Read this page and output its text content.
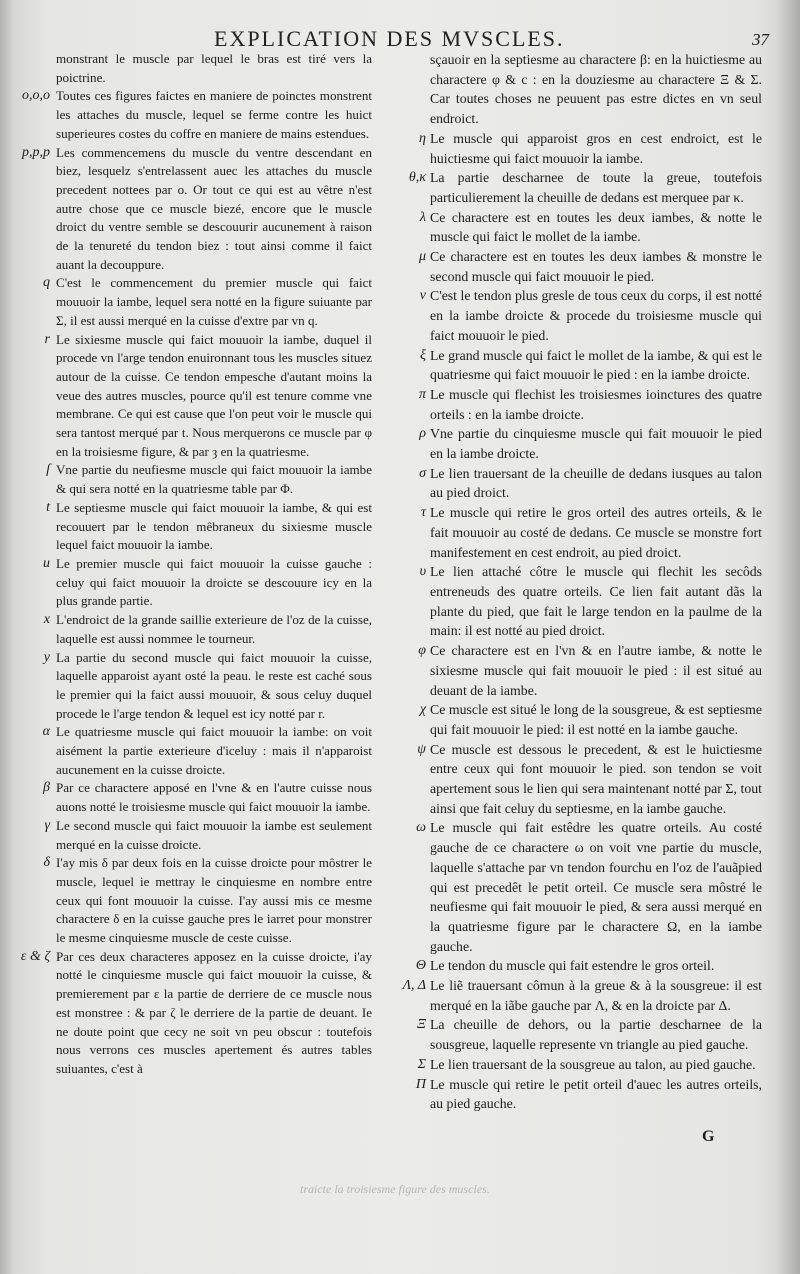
EXPLICATION DES MVSCLES.	37
monstrant le muscle par lequel le bras est tiré vers la poictrine.
o,o,o Toutes ces figures faictes en maniere de poinctes monstrent les attaches du muscle, lequel se ferme contre les huict superieures costes du coffre en maniere de mains estendues.
p,p,p Les commencemens du muscle du ventre descendant en biez, lesquelz s'entrelassent auec les attaches du muscle precedent nottees par o. Or tout ce qui est au vêtre n'est autre chose que ce muscle biezé, encore que le muscle droict du ventre semble se descouurir aucunement à raison de la tenureté du tendon biez : tout ainsi comme il faict auant la decouppure.
q C'est le commencement du premier muscle qui faict mouuoir la iambe, lequel sera notté en la figure suiuante par Σ, il est aussi merqué en la cuisse d'extre par vn q.
r Le sixiesme muscle qui faict mouuoir la iambe, duquel il procede vn l'arge tendon enuironnant tous les muscles situez autour de la cuisse. Ce tendon empesche d'autant moins la veue des autres muscles, pource qu'il est tenure comme vne membrane. Ce qui est cause que l'on peut voir le muscle qui sera tantost merqué par t. Nous merquerons ce muscle par φ en la troisiesme figure, & par ȝ en la quatriesme.
ſ Vne partie du neufiesme muscle qui faict mouuoir la iambe & qui sera notté en la quatriesme table par Φ.
t Le septiesme muscle qui faict mouuoir la iambe, & qui est recouuert par le tendon mêbraneux du sixiesme muscle lequel faict mouuoir la iambe.
u Le premier muscle qui faict mouuoir la cuisse gauche : celuy qui faict mouuoir la droicte se descouure icy en la plus grande partie.
x L'endroict de la grande saillie exterieure de l'oz de la cuisse, laquelle est aussi nommee le tourneur.
y La partie du second muscle qui faict mouuoir la cuisse, laquelle apparoist ayant osté la peau. le reste est caché sous le premier qui la faict aussi mouuoir, & sous celuy duquel procede le l'arge tendon & lequel est icy notté par r.
α Le quatriesme muscle qui faict mouuoir la iambe: on voit aisément la partie exterieure d'iceluy : mais il n'apparoist aucunement en la cuisse droicte.
β Par ce charactere apposé en l'vne & en l'autre cuisse nous auons notté le troisiesme muscle qui faict mouuoir la iambe.
γ Le second muscle qui faict mouuoir la iambe est seulement merqué en la cuisse droicte.
δ I'ay mis δ par deux fois en la cuisse droicte pour môstrer le muscle, lequel ie mettray le cinquiesme en nombre entre ceux qui font mouuoir la cuisse. I'ay aussi mis ce mesme charactere δ en la cuisse gauche pres le iarret pour monstrer le mesme cinquiesme muscle de ceste cuisse.
ε & ζ Par ces deux characteres apposez en la cuisse droicte, i'ay notté le cinquiesme muscle qui faict mouuoir la cuisse, & premierement par ε la partie de derriere de ce muscle nous est monstree : & par ζ le derriere de la partie de deuant. Ie ne doute point que cecy ne soit vn peu obscur : toutefois nous verrons ces muscles apertement és autres tables suiuantes, c'est à
sçauoir en la septiesme au charactere β: en la huictiesme au charactere φ & c : en la douziesme au charactere Ξ & Σ. Car toutes choses ne peuuent pas estre dictes en vn seul endroict.
η Le muscle qui apparoist gros en cest endroict, est le huictiesme qui faict mouuoir la iambe.
θ,κ La partie descharnee de toute la greue, toutefois particulierement la cheuille de dedans est merquee par κ.
λ Ce charactere est en toutes les deux iambes, & notte le muscle qui faict le mollet de la iambe.
μ Ce charactere est en toutes les deux iambes & monstre le second muscle qui faict mouuoir le pied.
ν C'est le tendon plus gresle de tous ceux du corps, il est notté en la iambe droicte & procede du troisiesme muscle qui faict mouuoir le pied.
ξ Le grand muscle qui faict le mollet de la iambe, & qui est le quatriesme qui faict mouuoir le pied : en la iambe droicte.
π Le muscle qui flechist les troisiesmes ioinctures des quatre orteils : en la iambe droicte.
ρ Vne partie du cinquiesme muscle qui fait mouuoir le pied en la iambe droicte.
σ Le lien trauersant de la cheuille de dedans iusques au talon au pied droict.
τ Le muscle qui retire le gros orteil des autres orteils, & le fait mouuoir au costé de dedans. Ce muscle se monstre fort manifestement en cest endroit, au pied droict.
υ Le lien attaché côtre le muscle qui flechit les secôds entreneuds des quatre orteils. Ce lien fait autant dãs la plante du pied, que fait le large tendon en la paulme de la main: il est notté au pied droict.
φ Ce charactere est en l'vn & en l'autre iambe, & notte le sixiesme muscle qui fait mouuoir le pied : il est situé au deuant de la iambe.
χ Ce muscle est situé le long de la sousgreue, & est septiesme qui fait mouuoir le pied: il est notté en la iambe gauche.
ψ Ce muscle est dessous le precedent, & est le huictiesme entre ceux qui font mouuoir le pied. son tendon se voit apertement sous le lien qui sera maintenant notté par Σ, tout ainsi que fait celuy du septiesme, en la iambe gauche.
ω Le muscle qui fait estêdre les quatre orteils. Au costé gauche de ce charactere ω on voit vne partie du muscle, laquelle s'attache par vn tendon fourchu en l'oz de l'auãpied qui est precedêt le petit orteil. Ce muscle sera môstré le neufiesme qui fait mouuoir le pied, & sera aussi merqué en la quatriesme figure par le charactere Ω, en la iambe gauche.
Θ Le tendon du muscle qui fait estendre le gros orteil.
Λ, Δ Le liẽ trauersant cômun à la greue & à la sousgreue: il est merqué en la iãbe gauche par Λ, & en la droicte par Δ.
Ξ La cheuille de dehors, ou la partie descharnee de la sousgreue, laquelle represente vn triangle au pied gauche.
Σ Le lien trauersant de la sousgreue au talon, au pied gauche.
Π Le muscle qui retire le petit orteil d'auec les autres orteils, au pied gauche.
G
traicte la troisiesme figure des muscles.
